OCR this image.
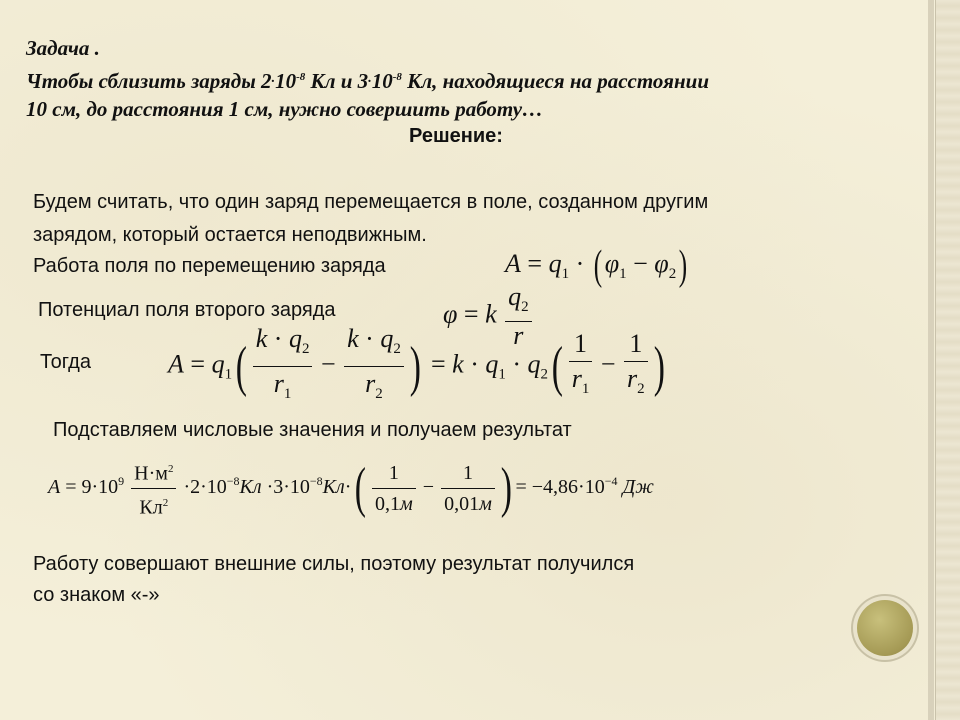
Задача .
Чтобы сблизить заряды $2^.10^{-8}$ Кл и $3^.10^{-8}$ Кл, находящиеся на расстоянии
10 см, до расстояния 1 см, нужно совершить работу…
Решение:
Будем считать, что один заряд перемещается в поле, созданном другим
зарядом, который остается неподвижным.
Работа поля по перемещению заряда	$A = q_1$ · ( $\varphi_1 - \varphi_2$)
Потенциал поля второго заряда	φ = k $\frac{q_2}{r}$
Тогда	$A = q_1( \frac{k \cdot q_2}{r_1} - \frac{k \cdot q_2}{r_2}$ ) = $k \cdot q_1 \cdot q_2( \frac{1}{r_1} - \frac{1}{r_2}$ )
Подставляем числовые значения и получаем результат
$A = 9\cdot 10^9 \frac{Н\cdot м^2}{Кл^2} \cdot 2\cdot 10^{-8}Кл \cdot 3\cdot 10^{-8}Кл\cdot( \frac{1}{0,1м} - \frac{1}{0,01м}$ ) = $-4,86\cdot 10^{-4}$ Дж
Работу совершают внешние силы, поэтому результат получился
со знаком «-»
